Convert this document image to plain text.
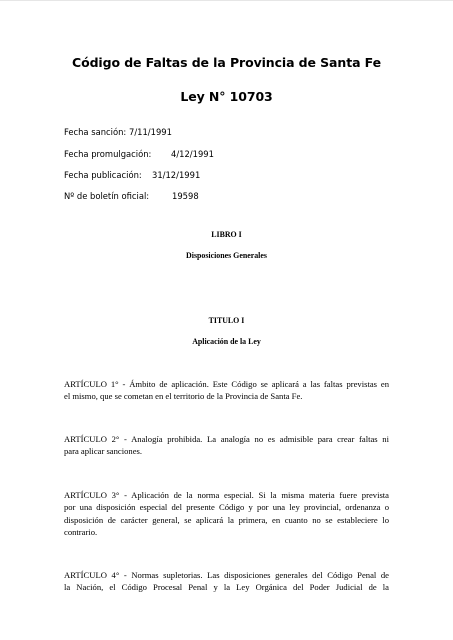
Código de Faltas de la Provincia de Santa Fe
Ley N° 10703
Fecha sanción: 7/11/1991
Fecha promulgación: 4/12/1991
Fecha publicación: 31/12/1991
Nº de boletín oficial:	19598
LIBRO I
Disposiciones Generales
TITULO I
Aplicación de la Ley
ARTÍCULO 1° - Ámbito de aplicación. Este Código se aplicará a las faltas previstas en
el mismo, que se cometan en el territorio de la Provincia de Santa Fe.
ARTÍCULO 2° - Analogía prohibida. La analogía no es admisible para crear faltas ni
para aplicar sanciones.
ARTÍCULO 3° - Aplicación de la norma especial. Si la misma materia fuere prevista
por una disposición especial del presente Código y por una ley provincial, ordenanza o
disposición de carácter general, se aplicará la primera, en cuanto no se estableciere lo
contrario.
ARTÍCULO 4° - Normas supletorias. Las disposiciones generales del Código Penal de
la Nación, el Código Procesal Penal y la Ley Orgánica del Poder Judicial de la
